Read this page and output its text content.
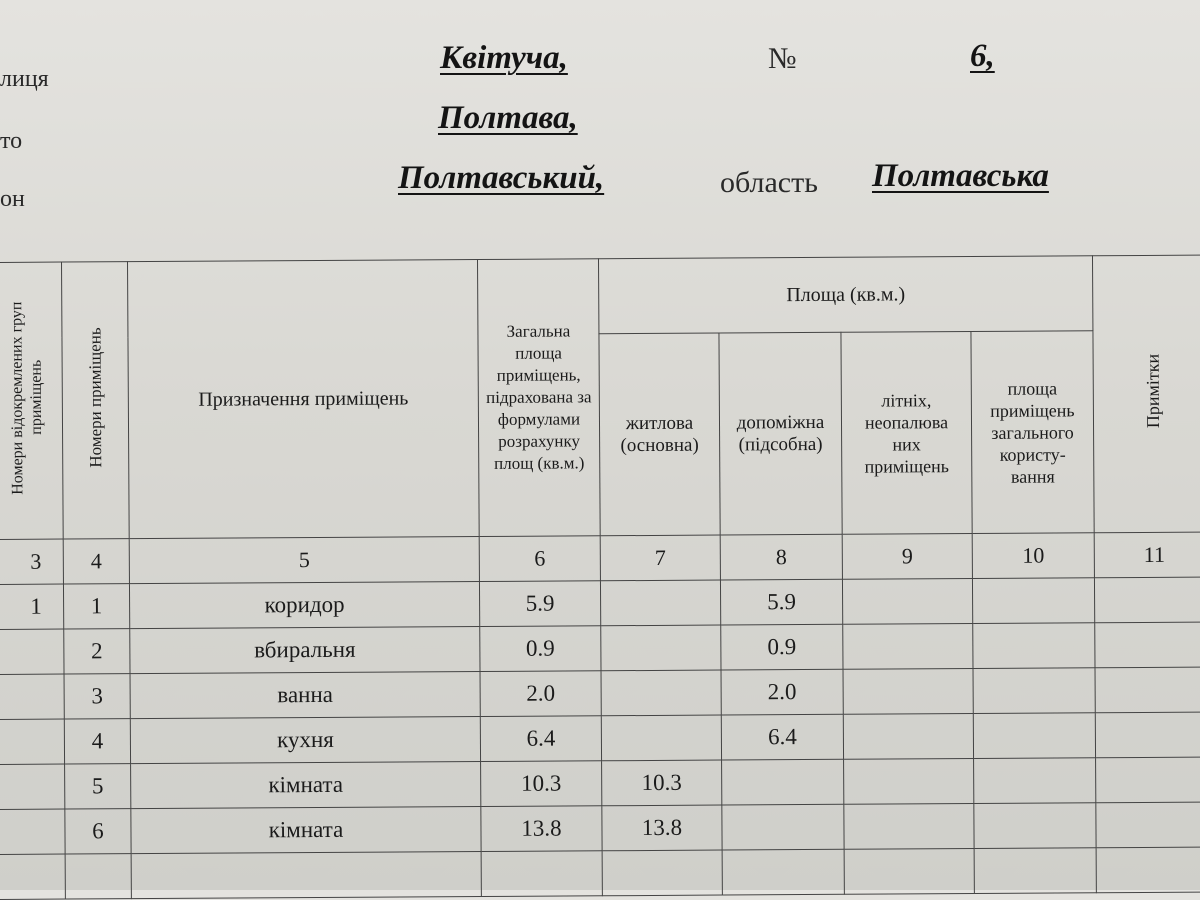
лиця
Квітуча,	№	6,
то
Полтава,
он
Полтавський,	область Полтавська
Номери відокремлених груп приміщень	Номери приміщень	Призначення приміщень	Загальна площа приміщень, підрахована за формулами розрахунку площ (кв.м.)	Площа (кв.м.)				Примітки
				житлова (основна)	допоміжна (підсобна)	літніх, неопалюва них приміщень	площа приміщень загального користу- вання	
3	4	5	6	7	8	9	10	11
1	1	коридор	5.9		5.9			
	2	вбиральня	0.9		0.9			
	3	ванна	2.0		2.0			
	4	кухня	6.4		6.4			
	5	кімната	10.3	10.3				
	6	кімната	13.8	13.8				
